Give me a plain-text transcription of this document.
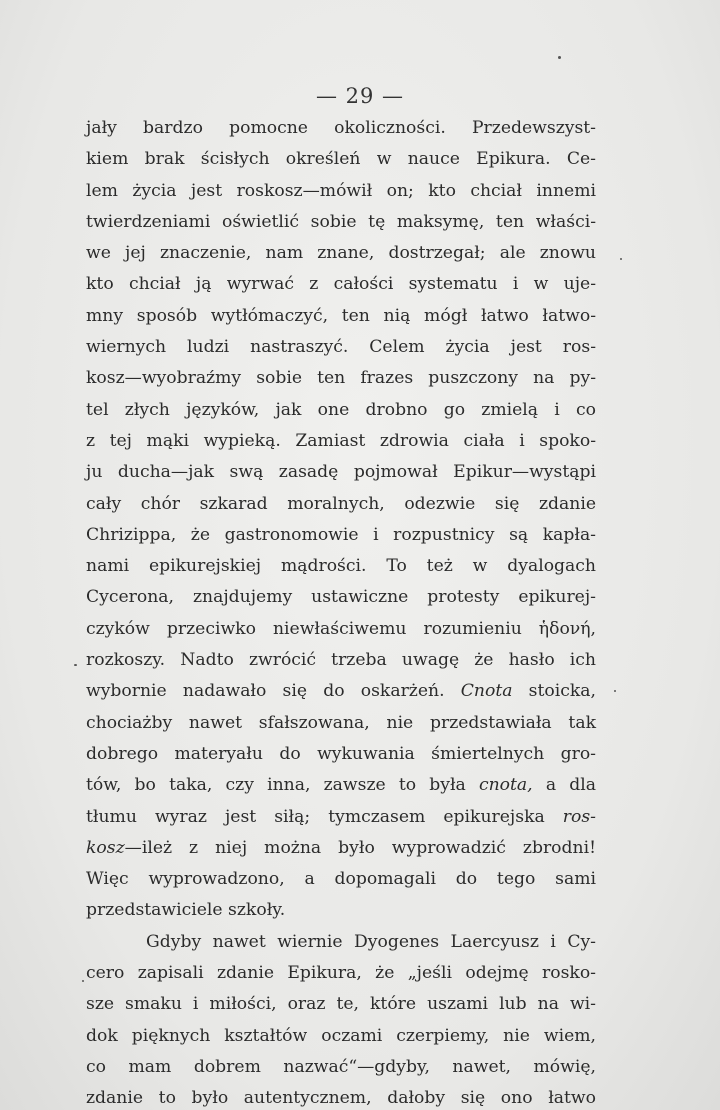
— 29 —
jały bardzo pomocne okoliczności. Przedewszyst-
kiem brak ścisłych określeń w nauce Epikura. Ce-
lem życia jest roskosz—mówił on; kto chciał innemi
twierdzeniami oświetlić sobie tę maksymę, ten właści-
we jej znaczenie, nam znane, dostrzegał; ale znowu
kto chciał ją wyrwać z całości systematu i w uje-
mny sposób wytłómaczyć, ten nią mógł łatwo łatwo-
wiernych ludzi nastraszyć. Celem życia jest ros-
kosz—wyobraźmy sobie ten frazes puszczony na py-
tel złych języków, jak one drobno go zmielą i co
z tej mąki wypieką. Zamiast zdrowia ciała i spoko-
ju ducha—jak swą zasadę pojmował Epikur—wystąpi
cały chór szkarad moralnych, odezwie się zdanie
Chrizippa, że gastronomowie i rozpustnicy są kapła-
nami epikurejskiej mądrości. To też w dyalogach
Cycerona, znajdujemy ustawiczne protesty epikurej-
czyków przeciwko niewłaściwemu rozumieniu ἡδονή,
rozkoszy. Nadto zwrócić trzeba uwagę że hasło ich
wybornie nadawało się do oskarżeń. Cnota stoicka,
chociażby nawet sfałszowana, nie przedstawiała tak
dobrego materyału do wykuwania śmiertelnych gro-
tów, bo taka, czy inna, zawsze to była cnota, a dla
tłumu wyraz jest siłą; tymczasem epikurejska ros-
kosz—ileż z niej można było wyprowadzić zbrodni!
Więc wyprowadzono, a dopomagali do tego sami
przedstawiciele szkoły.
Gdyby nawet wiernie Dyogenes Laercyusz i Cy-
cero zapisali zdanie Epikura, że „jeśli odejmę rosko-
sze smaku i miłości, oraz te, które uszami lub na wi-
dok pięknych kształtów oczami czerpiemy, nie wiem,
co mam dobrem nazwać“—gdyby, nawet, mówię,
zdanie to było autentycznem, dałoby się ono łatwo
